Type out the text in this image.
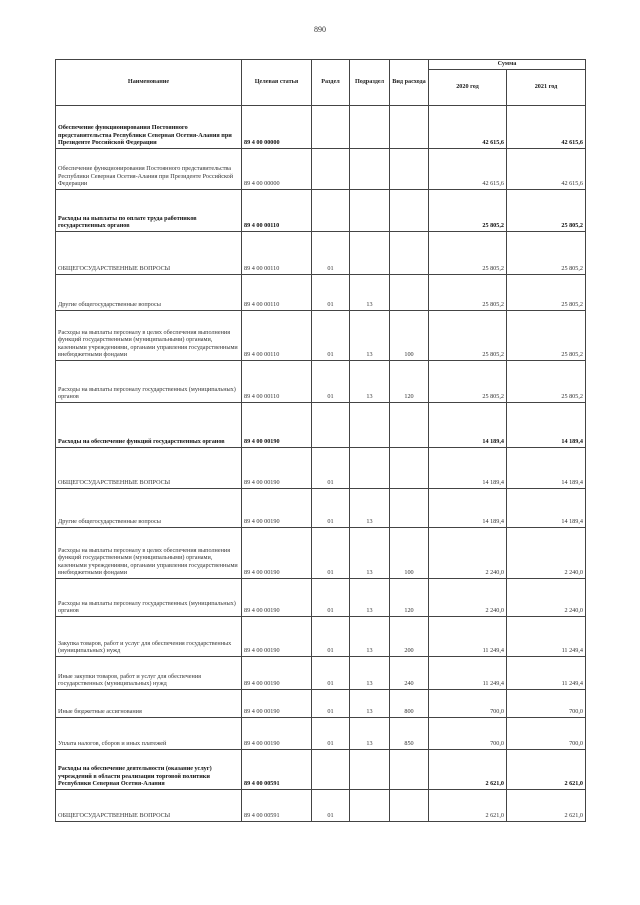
890
Наименование	Целевая статья	Раздел	Подраздел	Вид расхода	Сумма	
					2020 год	2021 год
Обеспечение функционирования Постоянного представительства Республики Северная Осетия-Алания при Президенте Российской Федерации	89 4 00 00000				42 615,6	42 615,6
Обеспечение функционирования Постоянного представительства Республики Северная Осетия-Алания при Президенте Российской Федерации	89 4 00 00000				42 615,6	42 615,6
Расходы на выплаты по оплате труда работников государственных органов	89 4 00 00110				25 805,2	25 805,2
ОБЩЕГОСУДАРСТВЕННЫЕ ВОПРОСЫ	89 4 00 00110	01			25 805,2	25 805,2
Другие общегосударственные вопросы	89 4 00 00110	01	13		25 805,2	25 805,2
Расходы на выплаты персоналу в целях обеспечения выполнения функций государственными (муниципальными) органами, казенными учреждениями, органами управления государственными внебюджетными фондами	89 4 00 00110	01	13	100	25 805,2	25 805,2
Расходы на выплаты персоналу государственных (муниципальных) органов	89 4 00 00110	01	13	120	25 805,2	25 805,2
Расходы на обеспечение функций государственных органов	89 4 00 00190				14 189,4	14 189,4
ОБЩЕГОСУДАРСТВЕННЫЕ ВОПРОСЫ	89 4 00 00190	01			14 189,4	14 189,4
Другие общегосударственные вопросы	89 4 00 00190	01	13		14 189,4	14 189,4
Расходы на выплаты персоналу в целях обеспечения выполнения функций государственными (муниципальными) органами, казенными учреждениями, органами управления государственными внебюджетными фондами	89 4 00 00190	01	13	100	2 240,0	2 240,0
Расходы на выплаты персоналу государственных (муниципальных) органов	89 4 00 00190	01	13	120	2 240,0	2 240,0
Закупка товаров, работ и услуг для обеспечения государственных (муниципальных) нужд	89 4 00 00190	01	13	200	11 249,4	11 249,4
Иные закупки товаров, работ и услуг для обеспечения государственных (муниципальных) нужд	89 4 00 00190	01	13	240	11 249,4	11 249,4
Иные бюджетные ассигнования	89 4 00 00190	01	13	800	700,0	700,0
Уплата налогов, сборов и иных платежей	89 4 00 00190	01	13	850	700,0	700,0
Расходы на обеспечение деятельности (оказание услуг) учреждений в области реализации торговой политики Республики Северная Осетия-Алания	89 4 00 00591				2 621,0	2 621,0
ОБЩЕГОСУДАРСТВЕННЫЕ ВОПРОСЫ	89 4 00 00591	01			2 621,0	2 621,0
